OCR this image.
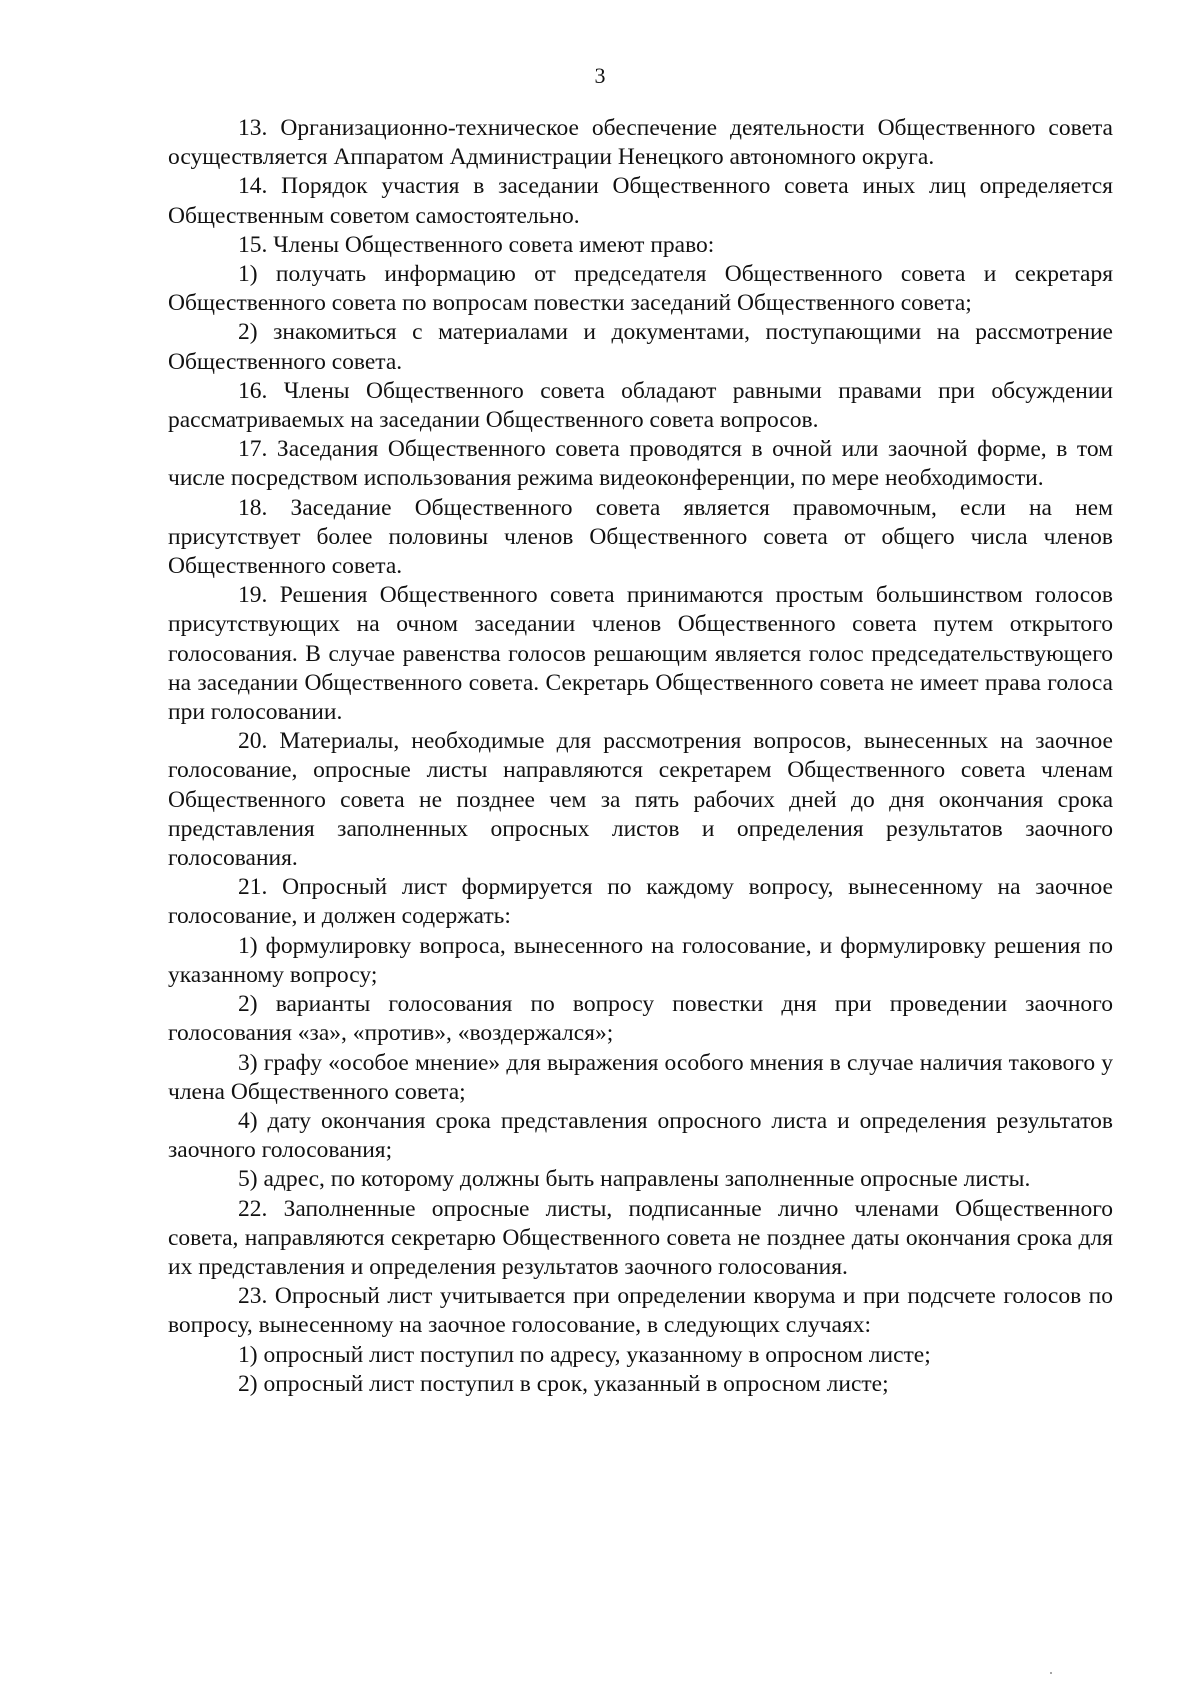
3

13. Организационно-техническое обеспечение деятельности Общественного совета осуществляется Аппаратом Администрации Ненецкого автономного округа.

14. Порядок участия в заседании Общественного совета иных лиц определяется Общественным советом самостоятельно.

15. Члены Общественного совета имеют право:

1) получать информацию от председателя Общественного совета и секретаря Общественного совета по вопросам повестки заседаний Общественного совета;

2) знакомиться с материалами и документами, поступающими на рассмотрение Общественного совета.

16. Члены Общественного совета обладают равными правами при обсуждении рассматриваемых на заседании Общественного совета вопросов.

17. Заседания Общественного совета проводятся в очной или заочной форме, в том числе посредством использования режима видеоконференции, по мере необходимости.

18. Заседание Общественного совета является правомочным, если на нем присутствует более половины членов Общественного совета от общего числа членов Общественного совета.

19. Решения Общественного совета принимаются простым большинством голосов присутствующих на очном заседании членов Общественного совета путем открытого голосования. В случае равенства голосов решающим является голос председательствующего на заседании Общественного совета. Секретарь Общественного совета не имеет права голоса при голосовании.

20. Материалы, необходимые для рассмотрения вопросов, вынесенных на заочное голосование, опросные листы направляются секретарем Общественного совета членам Общественного совета не позднее чем за пять рабочих дней до дня окончания срока представления заполненных опросных листов и определения результатов заочного голосования.

21. Опросный лист формируется по каждому вопросу, вынесенному на заочное голосование, и должен содержать:

1) формулировку вопроса, вынесенного на голосование, и формулировку решения по указанному вопросу;

2) варианты голосования по вопросу повестки дня при проведении заочного голосования «за», «против», «воздержался»;

3) графу «особое мнение» для выражения особого мнения в случае наличия такового у члена Общественного совета;

4) дату окончания срока представления опросного листа и определения результатов заочного голосования;

5) адрес, по которому должны быть направлены заполненные опросные листы.

22. Заполненные опросные листы, подписанные лично членами Общественного совета, направляются секретарю Общественного совета не позднее даты окончания срока для их представления и определения результатов заочного голосования.

23. Опросный лист учитывается при определении кворума и при подсчете голосов по вопросу, вынесенному на заочное голосование, в следующих случаях:

1) опросный лист поступил по адресу, указанному в опросном листе;

2) опросный лист поступил в срок, указанный в опросном листе;
